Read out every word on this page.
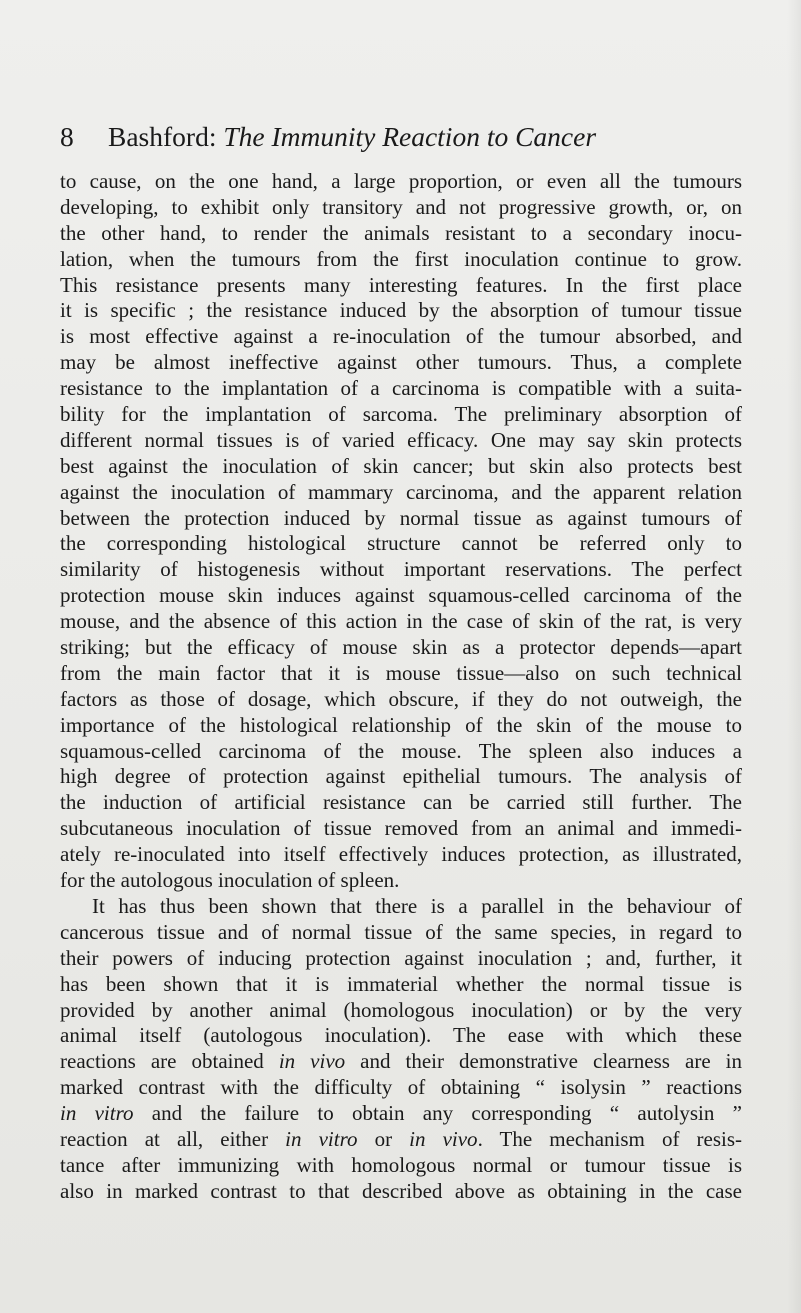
8 Bashford: The Immunity Reaction to Cancer
to cause, on the one hand, a large proportion, or even all the tumours
developing, to exhibit only transitory and not progressive growth, or, on
the other hand, to render the animals resistant to a secondary inocu-
lation, when the tumours from the first inoculation continue to grow.
This resistance presents many interesting features. In the first place
it is specific ; the resistance induced by the absorption of tumour tissue
is most effective against a re-inoculation of the tumour absorbed, and
may be almost ineffective against other tumours. Thus, a complete
resistance to the implantation of a carcinoma is compatible with a suita-
bility for the implantation of sarcoma. The preliminary absorption of
different normal tissues is of varied efficacy. One may say skin protects
best against the inoculation of skin cancer; but skin also protects best
against the inoculation of mammary carcinoma, and the apparent relation
between the protection induced by normal tissue as against tumours of
the corresponding histological structure cannot be referred only to
similarity of histogenesis without important reservations. The perfect
protection mouse skin induces against squamous-celled carcinoma of the
mouse, and the absence of this action in the case of skin of the rat, is very
striking; but the efficacy of mouse skin as a protector depends—apart
from the main factor that it is mouse tissue—also on such technical
factors as those of dosage, which obscure, if they do not outweigh, the
importance of the histological relationship of the skin of the mouse to
squamous-celled carcinoma of the mouse. The spleen also induces a
high degree of protection against epithelial tumours. The analysis of
the induction of artificial resistance can be carried still further. The
subcutaneous inoculation of tissue removed from an animal and immedi-
ately re-inoculated into itself effectively induces protection, as illustrated,
for the autologous inoculation of spleen.
It has thus been shown that there is a parallel in the behaviour of
cancerous tissue and of normal tissue of the same species, in regard to
their powers of inducing protection against inoculation ; and, further, it
has been shown that it is immaterial whether the normal tissue is
provided by another animal (homologous inoculation) or by the very
animal itself (autologous inoculation). The ease with which these
reactions are obtained in vivo and their demonstrative clearness are in
marked contrast with the difficulty of obtaining “ isolysin ” reactions
in vitro and the failure to obtain any corresponding “ autolysin ”
reaction at all, either in vitro or in vivo. The mechanism of resis-
tance after immunizing with homologous normal or tumour tissue is
also in marked contrast to that described above as obtaining in the case
